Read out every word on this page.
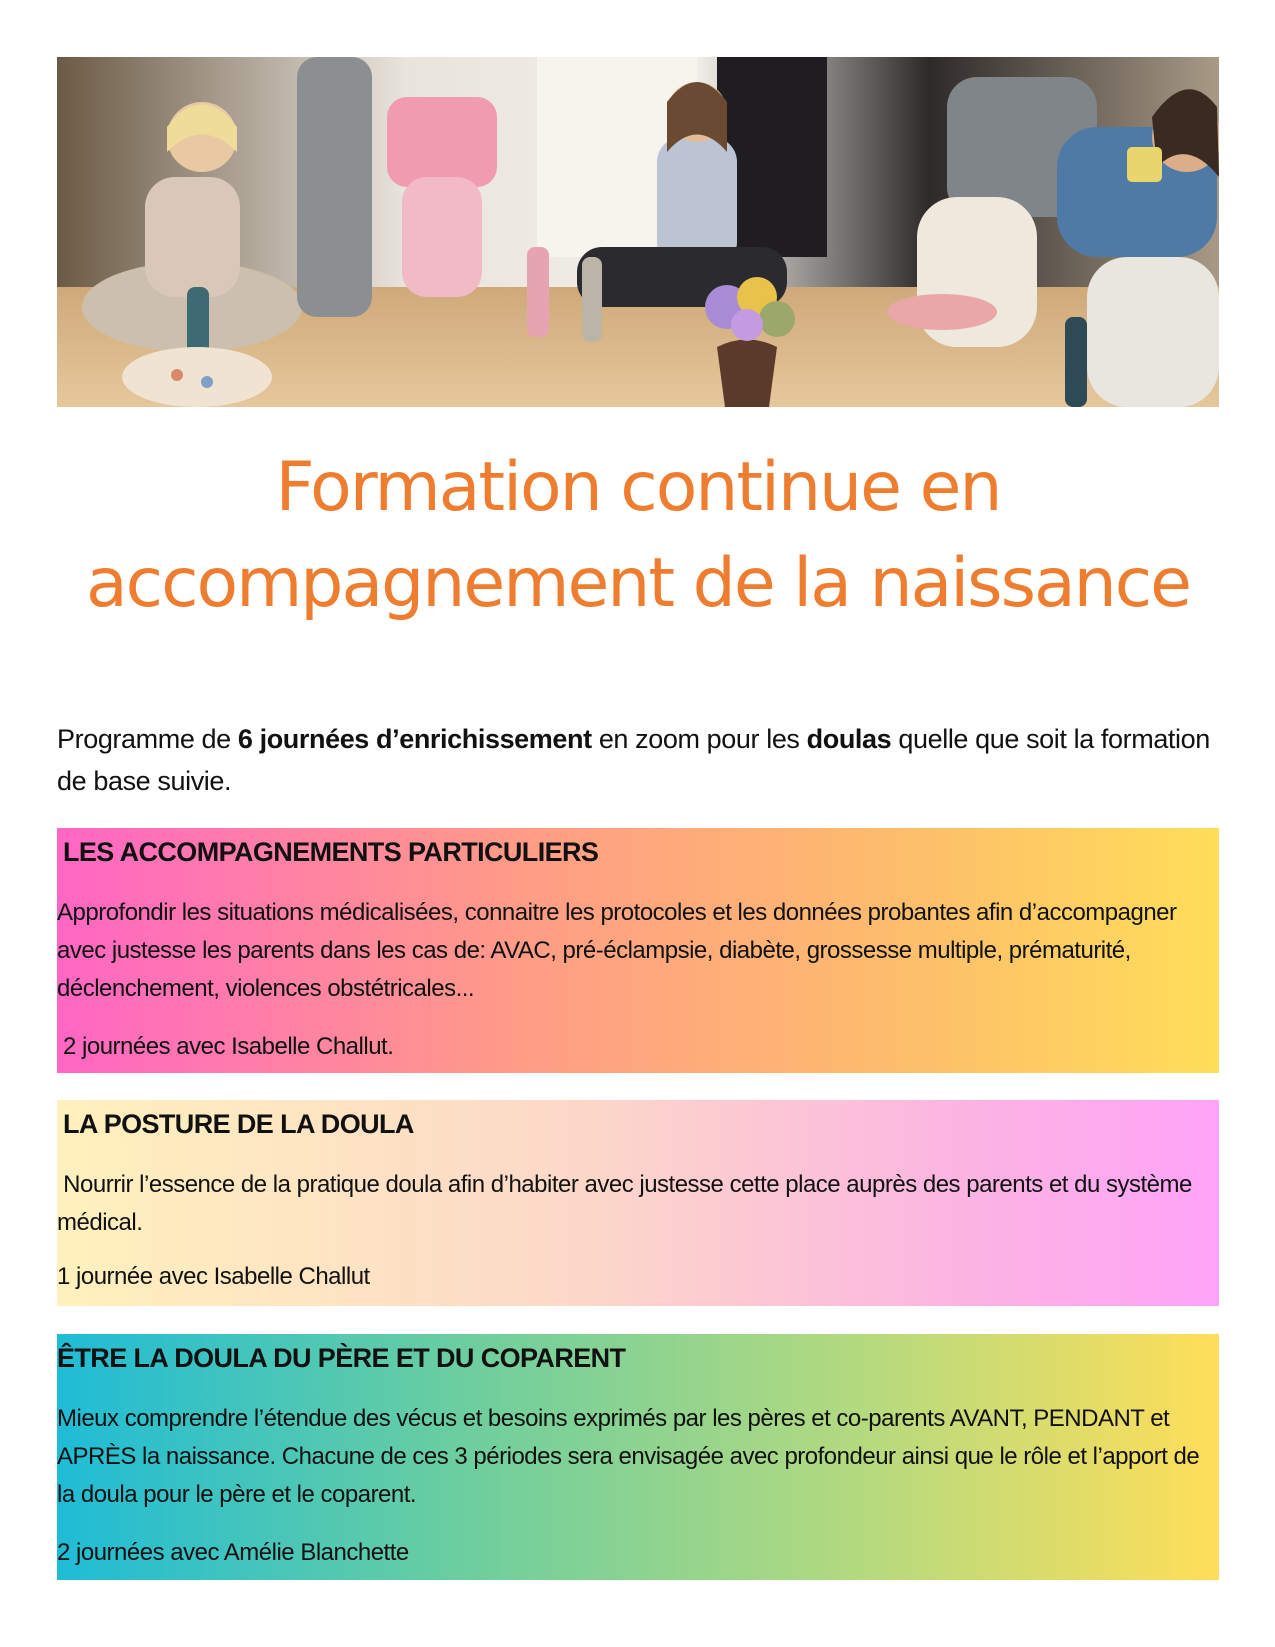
Formation continue en
accompagnement de la naissance

Programme de 6 journées d’enrichissement en zoom pour les doulas quelle que soit la formation de base suivie.

LES ACCOMPAGNEMENTS PARTICULIERS

Approfondir les situations médicalisées, connaitre les protocoles et les données probantes afin d’accompagner avec justesse les parents dans les cas de: AVAC, pré-éclampsie, diabète, grossesse multiple, prématurité, déclenchement, violences obstétricales...

2 journées avec Isabelle Challut.

LA POSTURE DE LA DOULA

Nourrir l’essence de la pratique doula afin d’habiter avec justesse cette place auprès des parents et du système médical.

1 journée avec Isabelle Challut

ÊTRE LA DOULA DU PÈRE ET DU COPARENT

Mieux comprendre l’étendue des vécus et besoins exprimés par les pères et co-parents AVANT, PENDANT et APRÈS la naissance. Chacune de ces 3 périodes sera envisagée avec profondeur ainsi que le rôle et l’apport de la doula pour le père et le coparent.

2 journées avec Amélie Blanchette
